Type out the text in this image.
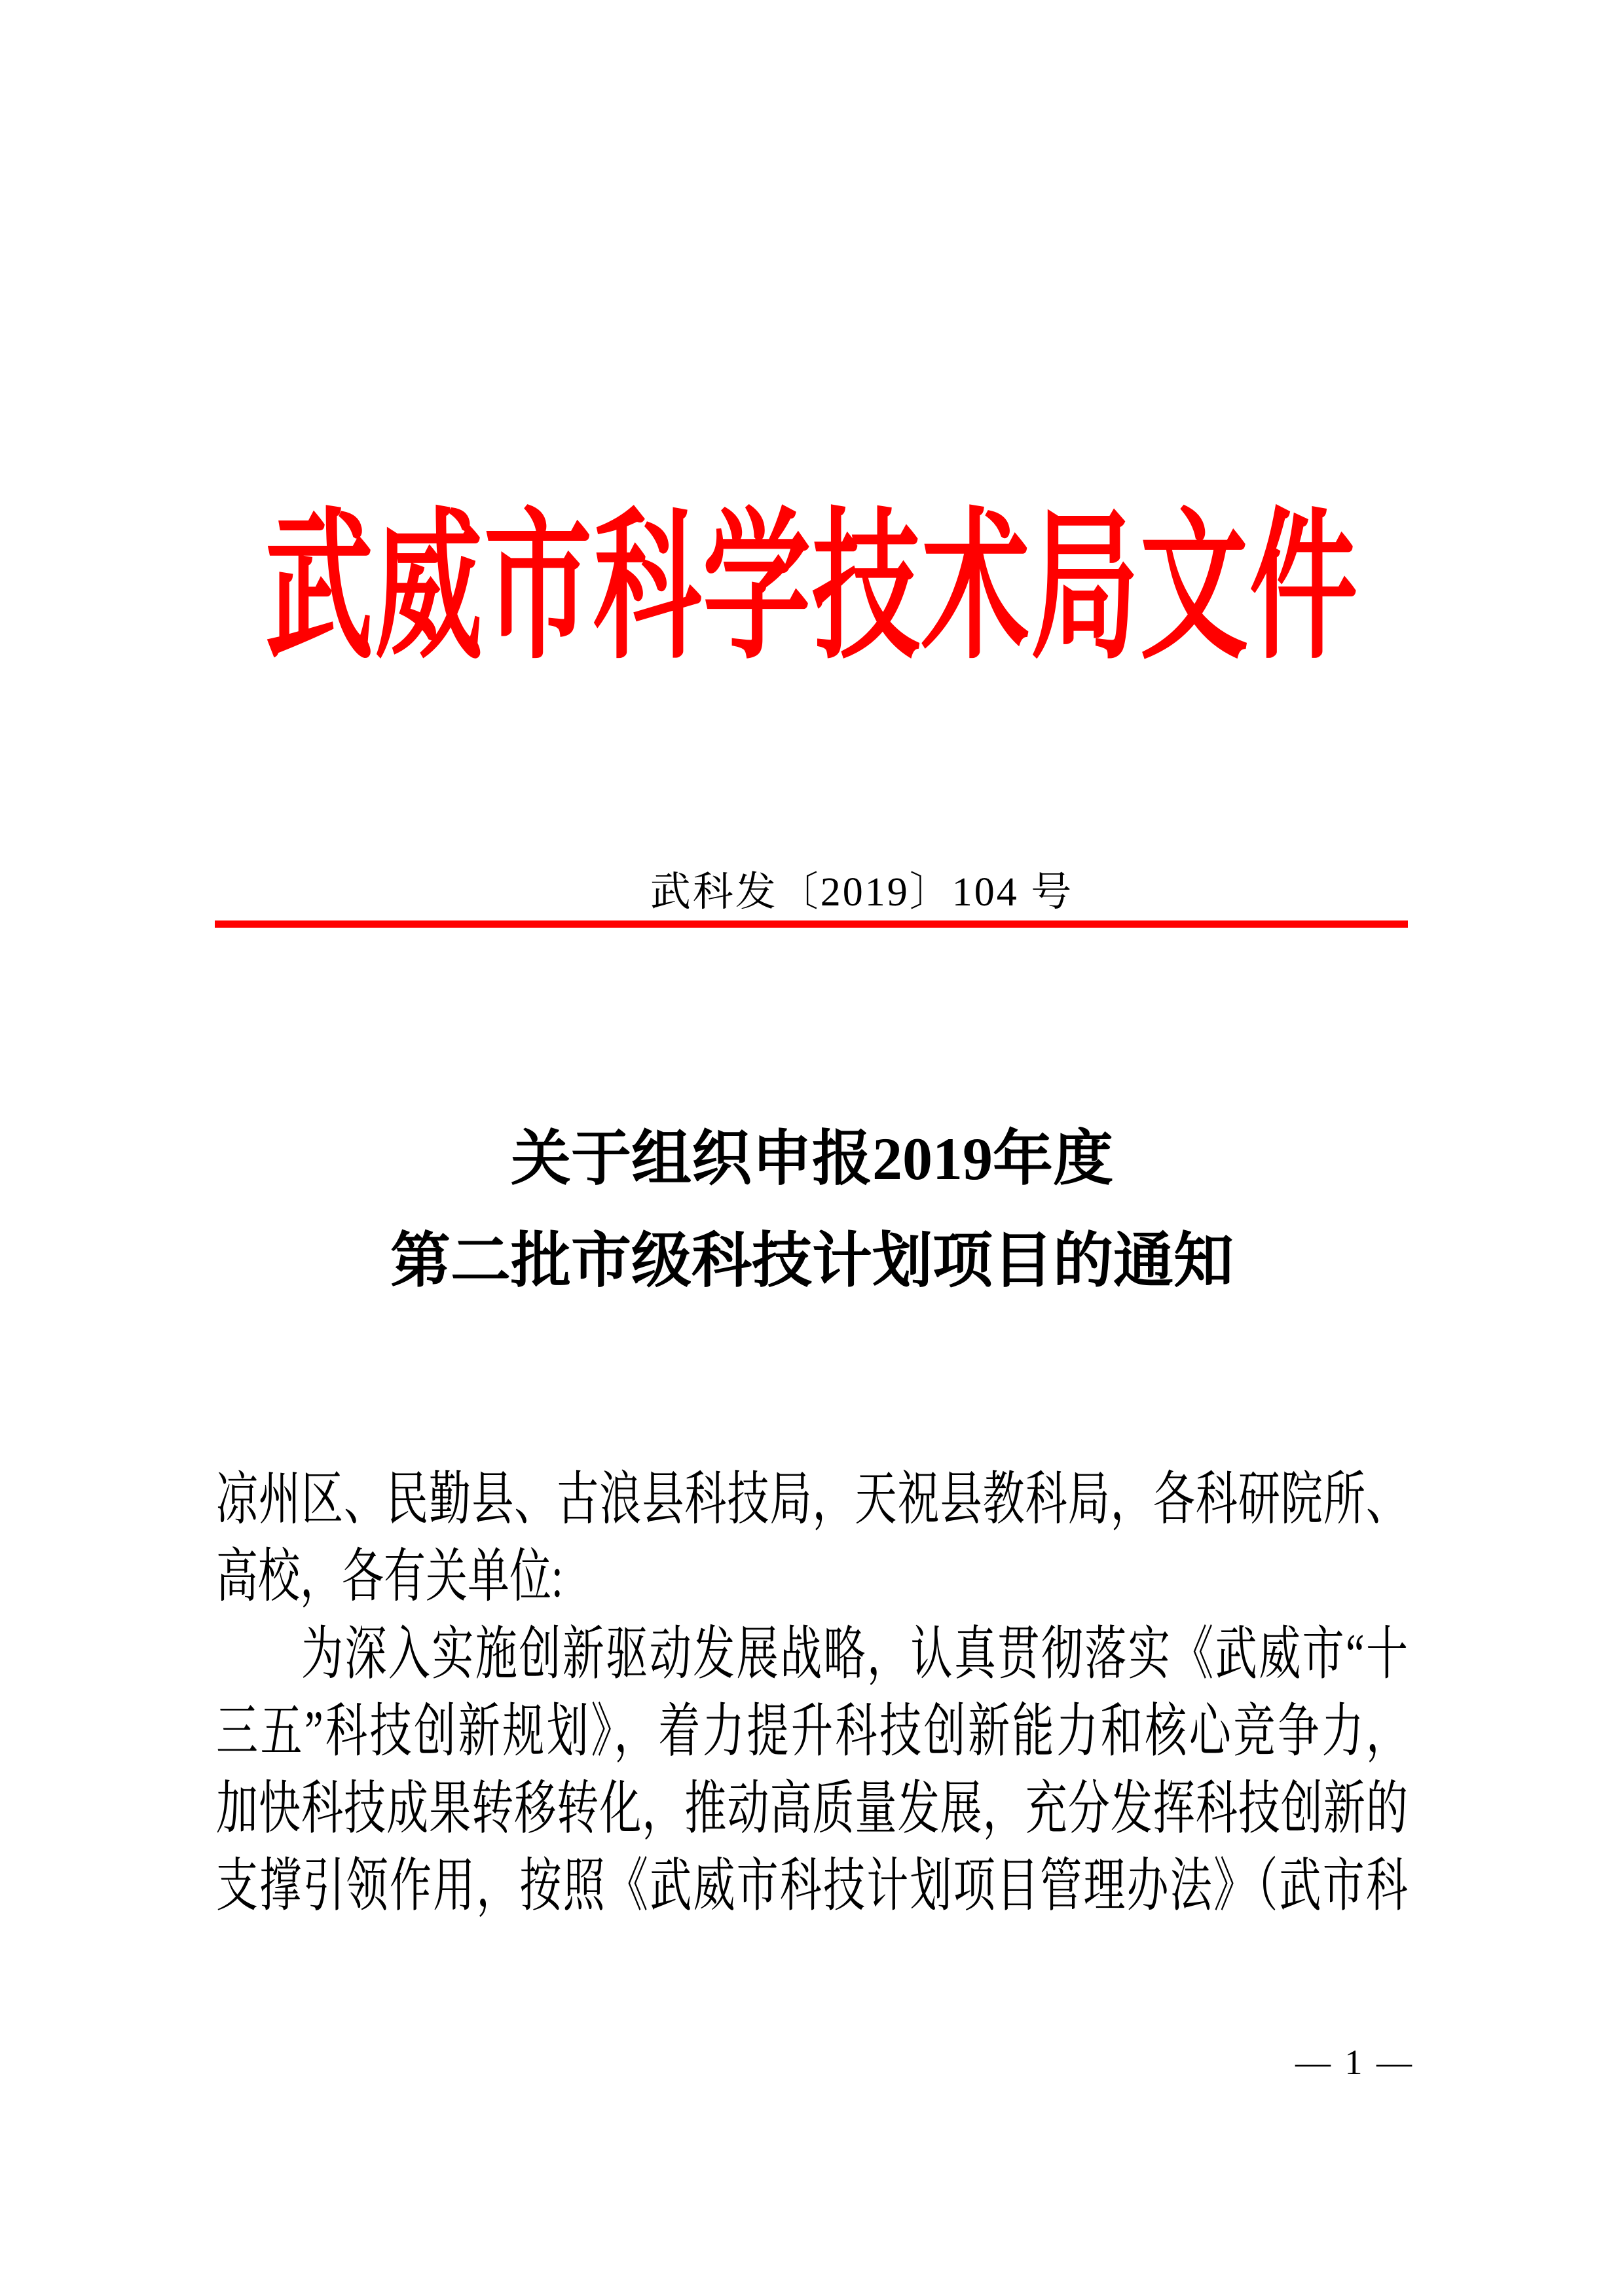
武威市科学技术局文件
武科发〔2019〕104 号
关于组织申报2019年度
第二批市级科技计划项目的通知
凉州区、民勤县、古浪县科技局，天祝县教科局，各科研院所、
高校，各有关单位:
为深入实施创新驱动发展战略，认真贯彻落实《武威市“十
三五”科技创新规划》，着力提升科技创新能力和核心竞争力，
加快科技成果转移转化，推动高质量发展，充分发挥科技创新的
支撑引领作用，按照《武威市科技计划项目管理办法》（武市科
— 1 —
